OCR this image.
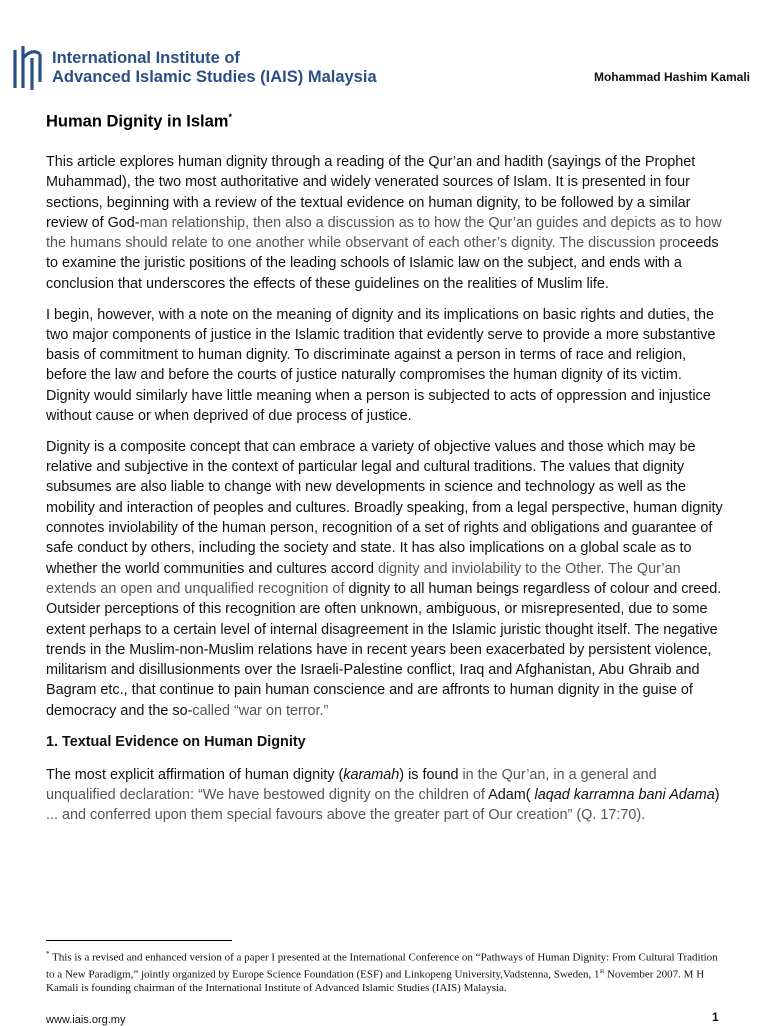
International Institute of
Advanced Islamic Studies (IAIS) Malaysia	Mohammad Hashim Kamali
Human Dignity in Islam*

This article explores human dignity through a reading of the Qur’an and hadith (sayings of the Prophet Muhammad), the two most authoritative and widely venerated sources of Islam. It is presented in four sections, beginning with a review of the textual evidence on human dignity, to be followed by a similar review of God-man relationship, then also a discussion as to how the Qur’an guides and depicts as to how the humans should relate to one another while observant of each other’s dignity. The discussion proceeds to examine the juristic positions of the leading schools of Islamic law on the subject, and ends with a conclusion that underscores the effects of these guidelines on the realities of Muslim life.

I begin, however, with a note on the meaning of dignity and its implications on basic rights and duties, the two major components of justice in the Islamic tradition that evidently serve to provide a more substantive basis of commitment to human dignity. To discriminate against a person in terms of race and religion, before the law and before the courts of justice naturally compromises the human dignity of its victim. Dignity would similarly have little meaning when a person is subjected to acts of oppression and injustice without cause or when deprived of due process of justice.

Dignity is a composite concept that can embrace a variety of objective values and those which may be relative and subjective in the context of particular legal and cultural traditions. The values that dignity subsumes are also liable to change with new developments in science and technology as well as the mobility and interaction of peoples and cultures. Broadly speaking, from a legal perspective, human dignity connotes inviolability of the human person, recognition of a set of rights and obligations and guarantee of safe conduct by others, including the society and state. It has also implications on a global scale as to whether the world communities and cultures accord dignity and inviolability to the Other. The Qur’an extends an open and unqualified recognition of dignity to all human beings regardless of colour and creed. Outsider perceptions of this recognition are often unknown, ambiguous, or misrepresented, due to some extent perhaps to a certain level of internal disagreement in the Islamic juristic thought itself. The negative trends in the Muslim-non-Muslim relations have in recent years been exacerbated by persistent violence, militarism and disillusionments over the Israeli-Palestine conflict, Iraq and Afghanistan, Abu Ghraib and Bagram etc., that continue to pain human conscience and are affronts to human dignity in the guise of democracy and the so-called “war on terror.”

1. Textual Evidence on Human Dignity

The most explicit affirmation of human dignity (karamah) is found in the Qur’an, in a general and unqualified declaration: “We have bestowed dignity on the children of Adam( laqad karramna bani Adama) ... and conferred upon them special favours above the greater part of Our creation” (Q. 17:70).

* This is a revised and enhanced version of a paper I presented at the International Conference on “Pathways of Human Dignity: From Cultural Tradition to a New Paradigm,” jointly organized by Europe Science Foundation (ESF) and Linkopeng University,Vadstenna, Sweden, 1st November 2007. M H Kamali is founding chairman of the International Institute of Advanced Islamic Studies (IAIS) Malaysia.
www.iais.org.my	1
